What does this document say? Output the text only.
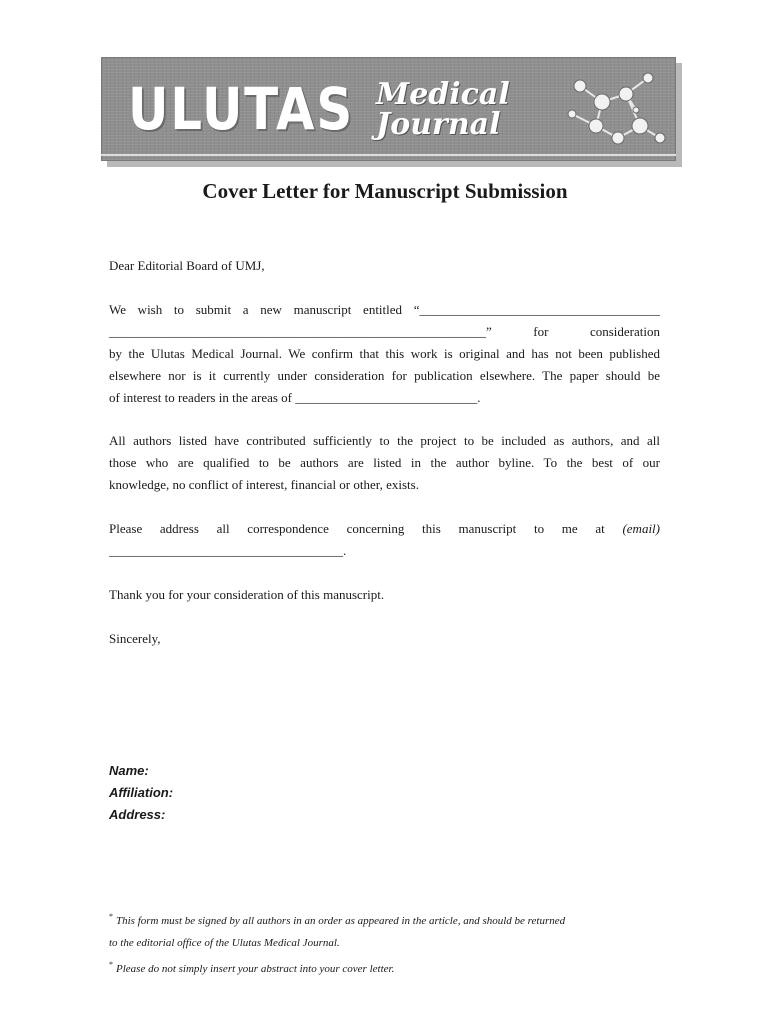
ULUTAS Medical
Journal
Cover Letter for Manuscript Submission
Dear Editorial Board of UMJ,
We wish to submit a new manuscript entitled “_____________________________________
__________________________________________________________” for consideration
by the Ulutas Medical Journal. We confirm that this work is original and has not been published
elsewhere nor is it currently under consideration for publication elsewhere. The paper should be
of interest to readers in the areas of ____________________________.
All authors listed have contributed sufficiently to the project to be included as authors, and all
those who are qualified to be authors are listed in the author byline. To the best of our
knowledge, no conflict of interest, financial or other, exists.
Please address all correspondence concerning this manuscript to me at (email)
____________________________________.
Thank you for your consideration of this manuscript.
Sincerely,
Name:
Affiliation:
Address:
* This form must be signed by all authors in an order as appeared in the article, and should be returned
to the editorial office of the Ulutas Medical Journal.
* Please do not simply insert your abstract into your cover letter.
